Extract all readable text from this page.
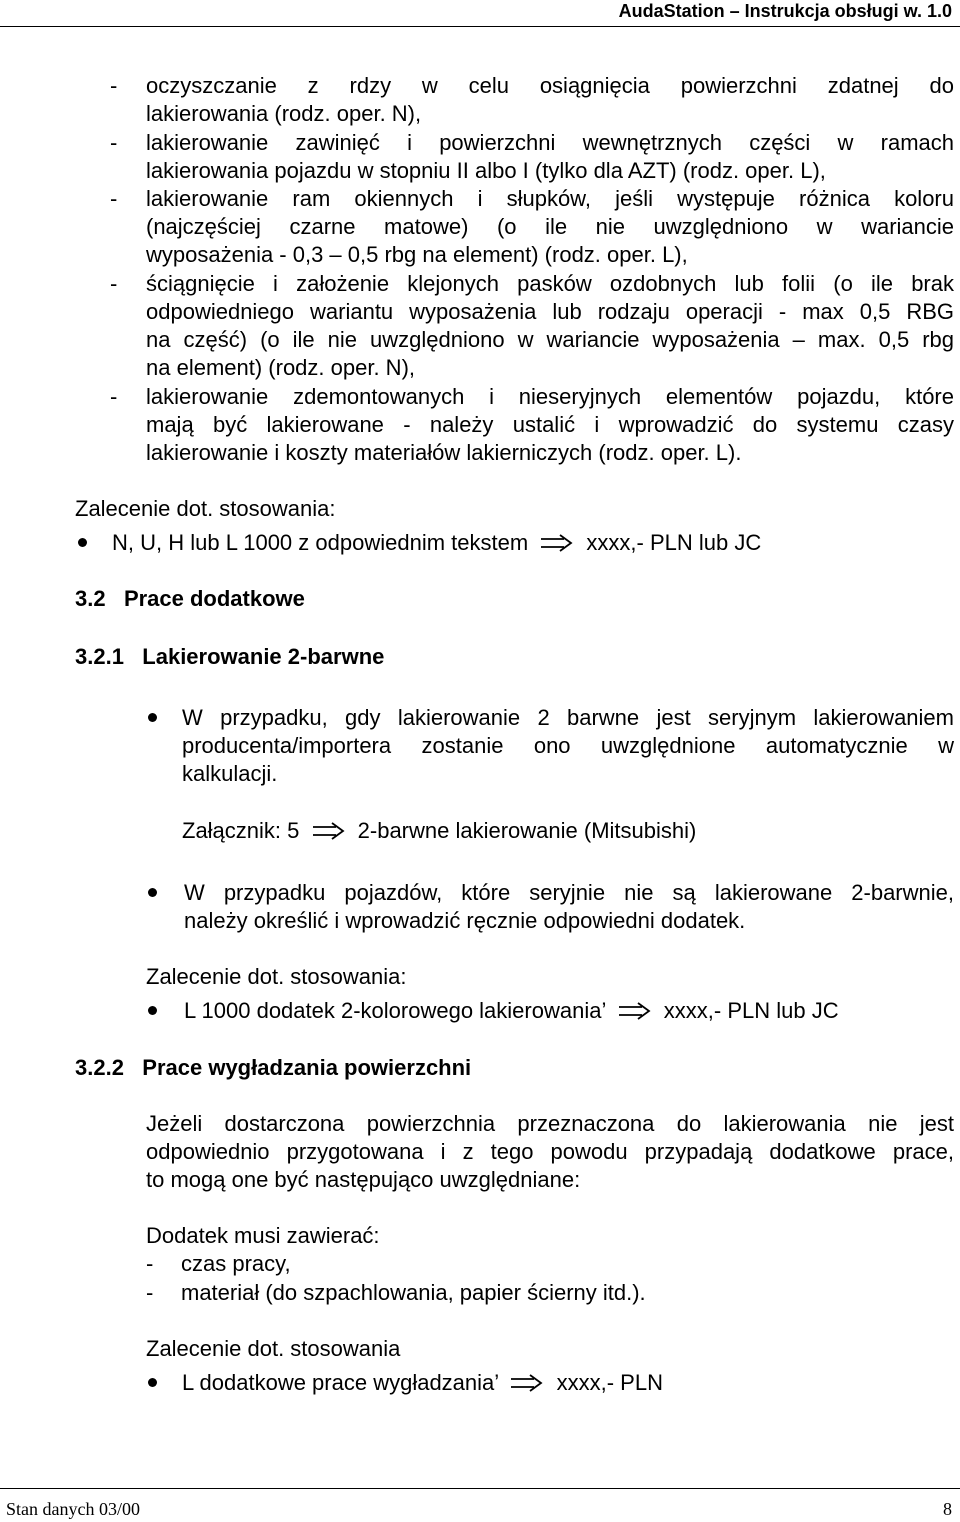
AudaStation – Instrukcja obsługi w. 1.0
- oczyszczanie z rdzy w celu osiągnięcia powierzchni zdatnej do
lakierowania (rodz. oper. N),
- lakierowanie zawinięć i powierzchni wewnętrznych części w ramach
lakierowania pojazdu w stopniu II albo I (tylko dla AZT) (rodz. oper. L),
- lakierowanie ram okiennych i słupków, jeśli występuje różnica koloru
(najczęściej czarne matowe) (o ile nie uwzględniono w wariancie
wyposażenia - 0,3 – 0,5 rbg na element) (rodz. oper. L),
- ściągnięcie i założenie klejonych pasków ozdobnych lub folii (o ile brak
odpowiedniego wariantu wyposażenia lub rodzaju operacji - max 0,5 RBG
na część) (o ile nie uwzględniono w wariancie wyposażenia – max. 0,5 rbg
na element) (rodz. oper. N),
- lakierowanie zdemontowanych i nieseryjnych elementów pojazdu, które
mają być lakierowane - należy ustalić i wprowadzić do systemu czasy
lakierowanie i koszty materiałów lakierniczych (rodz. oper. L).
Zalecenie dot. stosowania:
N, U, H lub L 1000 z odpowiednim tekstem	xxxx,- PLN lub JC
3.2 Prace dodatkowe
3.2.1 Lakierowanie 2-barwne
W przypadku, gdy lakierowanie 2 barwne jest seryjnym lakierowaniem
producenta/importera zostanie ono uwzględnione automatycznie w
kalkulacji.
Załącznik: 5	2-barwne lakierowanie (Mitsubishi)
W przypadku pojazdów, które seryjnie nie są lakierowane 2-barwnie,
należy określić i wprowadzić ręcznie odpowiedni dodatek.
Zalecenie dot. stosowania:
L 1000 dodatek 2-kolorowego lakierowania’	xxxx,- PLN lub JC
3.2.2 Prace wygładzania powierzchni
Jeżeli dostarczona powierzchnia przeznaczona do lakierowania nie jest
odpowiednio przygotowana i z tego powodu przypadają dodatkowe prace,
to mogą one być następująco uwzględniane:
Dodatek musi zawierać:
- czas pracy,
- materiał (do szpachlowania, papier ścierny itd.).
Zalecenie dot. stosowania
L dodatkowe prace wygładzania’	xxxx,- PLN
Stan danych 03/00	8
